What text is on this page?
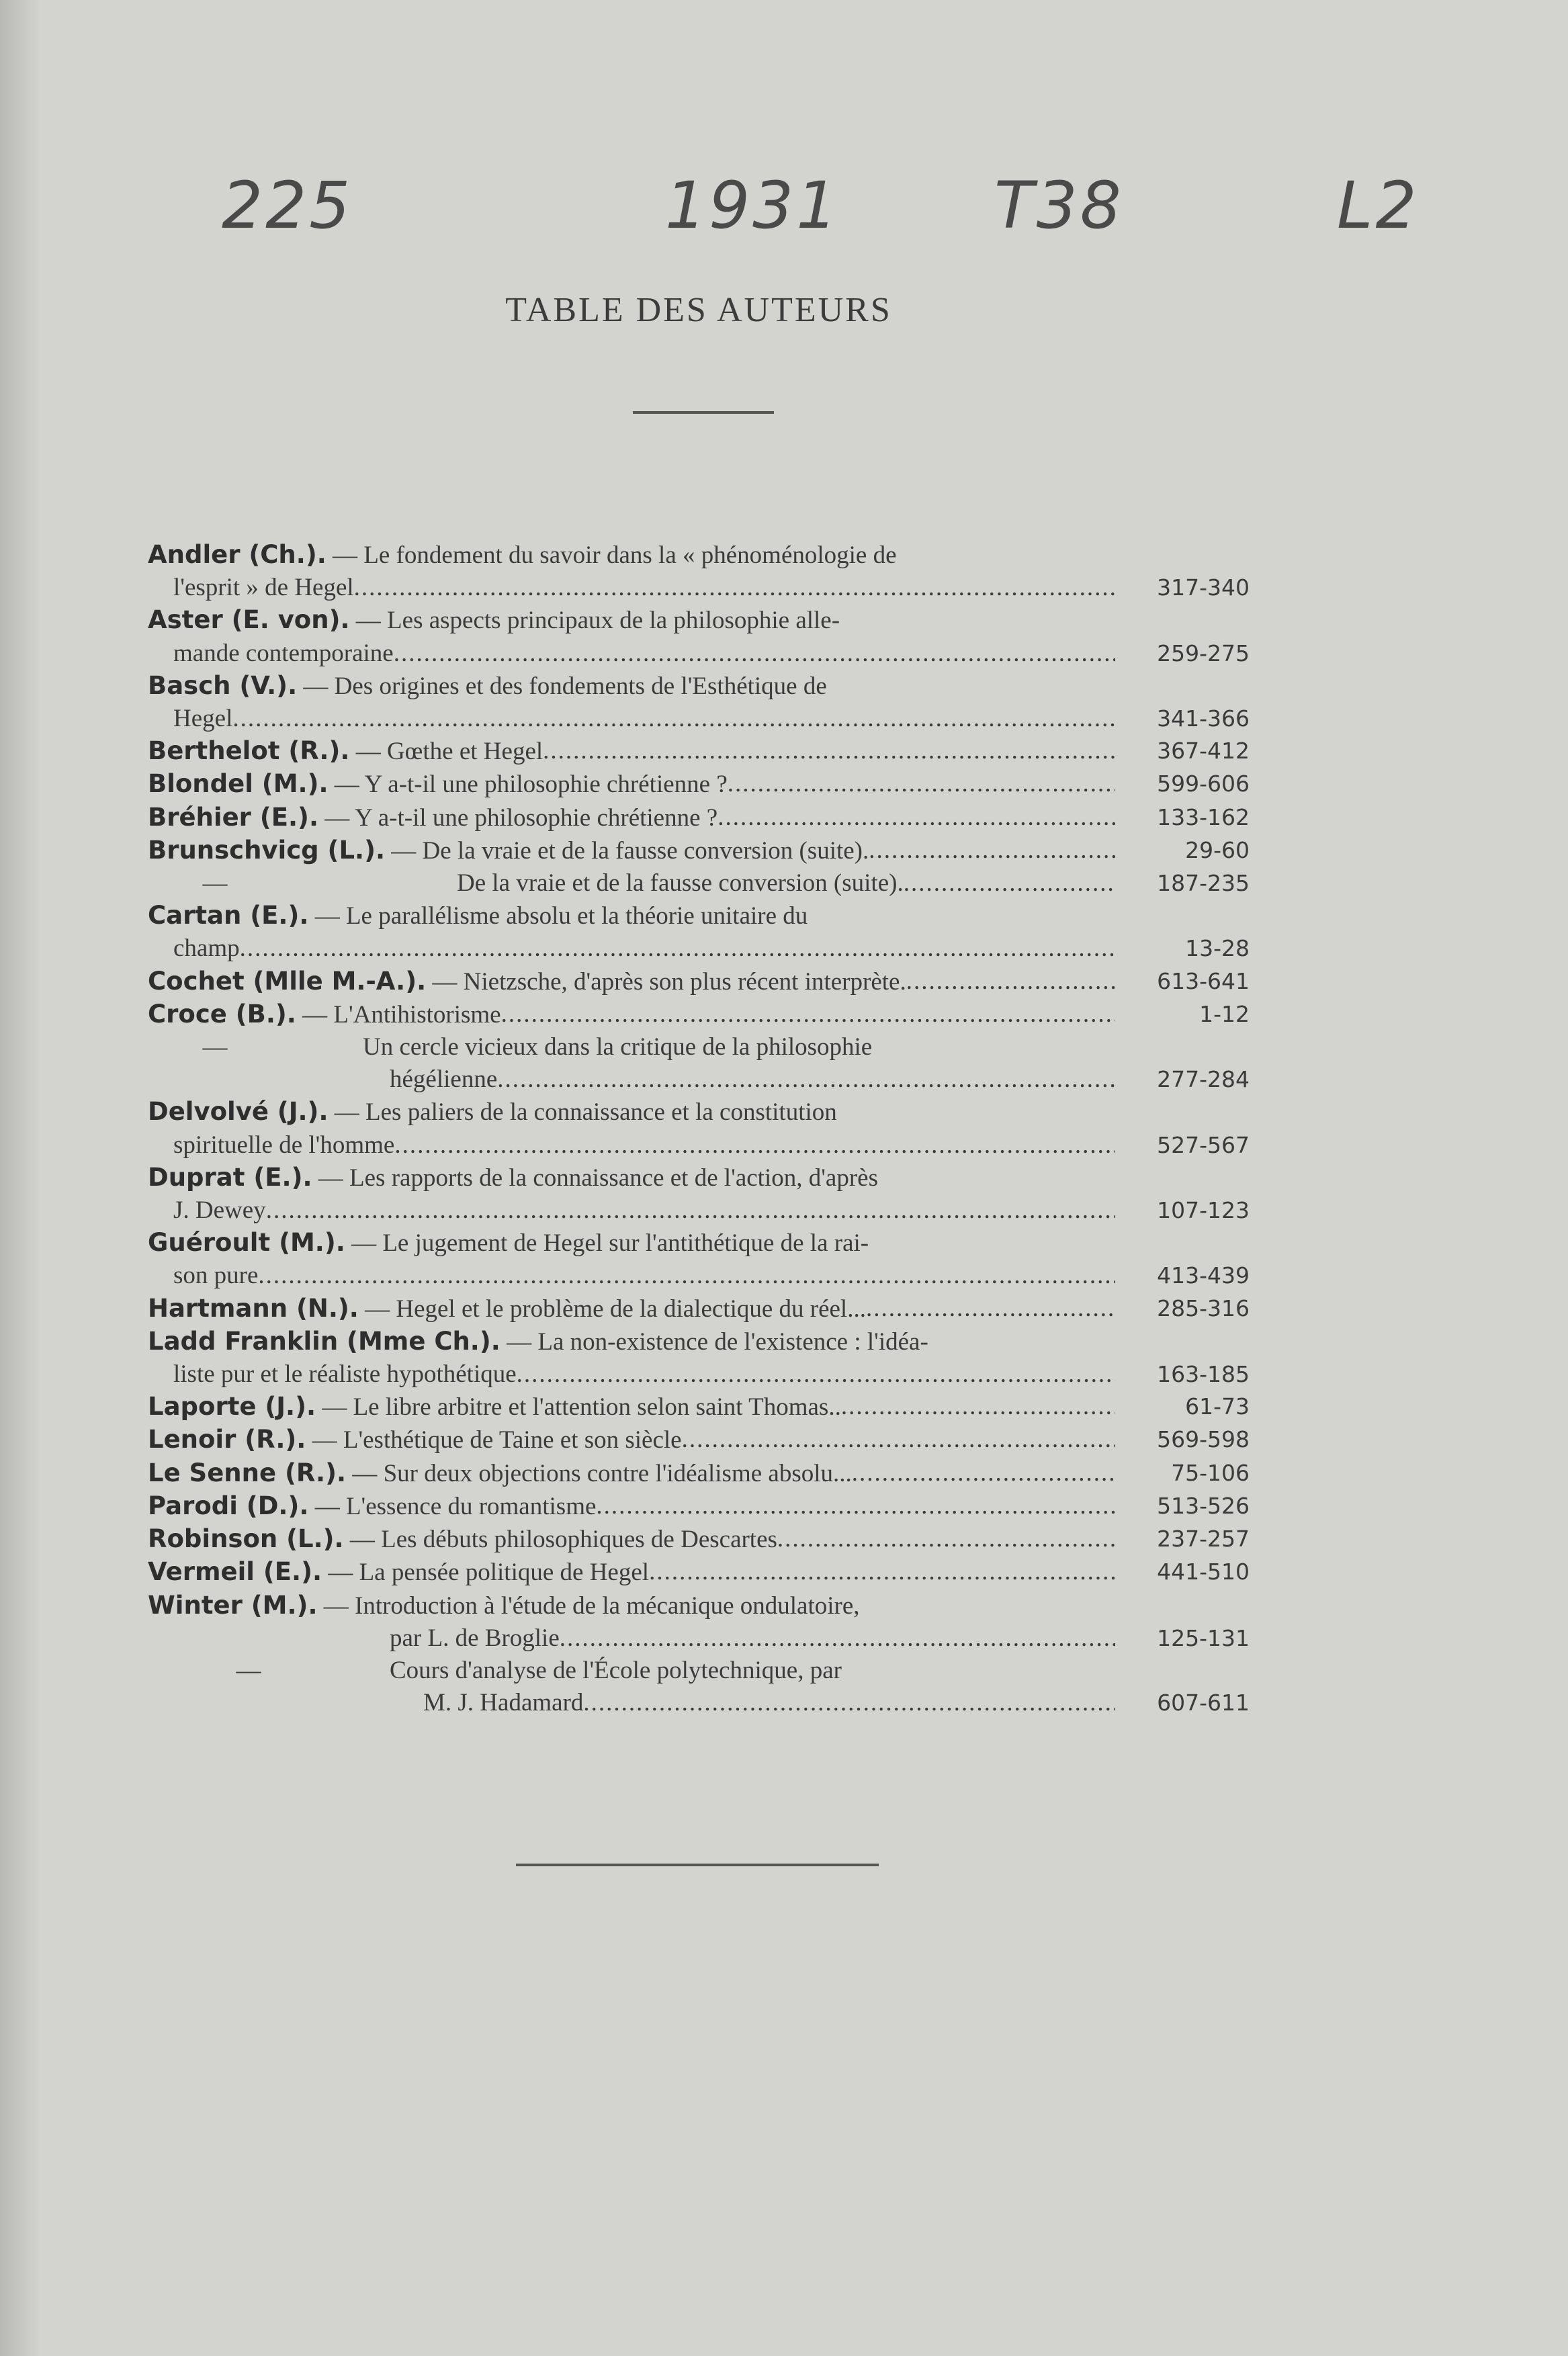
225	1931 T38	L2
TABLE DES AUTEURS
Andler (Ch.). — Le fondement du savoir dans la « phénoménologie de
l'esprit » de Hegel .....	317-340
Aster (E. von). — Les aspects principaux de la philosophie alle-
mande contemporaine .....	259-275
Basch (V.). — Des origines et des fondements de l'Esthétique de
Hegel .....	341-366
Berthelot (R.). — Gœthe et Hegel .....	367-412
Blondel (M.). — Y a-t-il une philosophie chrétienne ? .....	599-606
Bréhier (E.). — Y a-t-il une philosophie chrétienne ? .....	133-162
Brunschvicg (L.). — De la vraie et de la fausse conversion (suite). .....	29-60
—	De la vraie et de la fausse conversion (suite). .....	187-235
Cartan (E.). — Le parallélisme absolu et la théorie unitaire du
champ .....	13-28
Cochet (Mlle M.-A.). — Nietzsche, d'après son plus récent interprète. .....	613-641
Croce (B.). — L'Antihistorisme .....	1-12
—	Un cercle vicieux dans la critique de la philosophie
hégélienne .....	277-284
Delvolvé (J.). — Les paliers de la connaissance et la constitution
spirituelle de l'homme .....	527-567
Duprat (E.). — Les rapports de la connaissance et de l'action, d'après
J. Dewey .....	107-123
Guéroult (M.). — Le jugement de Hegel sur l'antithétique de la rai-
son pure .....	413-439
Hartmann (N.). — Hegel et le problème de la dialectique du réel... .....	285-316
Ladd Franklin (Mme Ch.). — La non-existence de l'existence : l'idéa-
liste pur et le réaliste hypothétique .....	163-185
Laporte (J.). — Le libre arbitre et l'attention selon saint Thomas.. .....	61-73
Lenoir (R.). — L'esthétique de Taine et son siècle .....	569-598
Le Senne (R.). — Sur deux objections contre l'idéalisme absolu... .....	75-106
Parodi (D.). — L'essence du romantisme .....	513-526
Robinson (L.). — Les débuts philosophiques de Descartes .....	237-257
Vermeil (E.). — La pensée politique de Hegel .....	441-510
Winter (M.). — Introduction à l'étude de la mécanique ondulatoire,
par L. de Broglie .....	125-131
—	Cours d'analyse de l'École polytechnique, par
M. J. Hadamard .....	607-611
